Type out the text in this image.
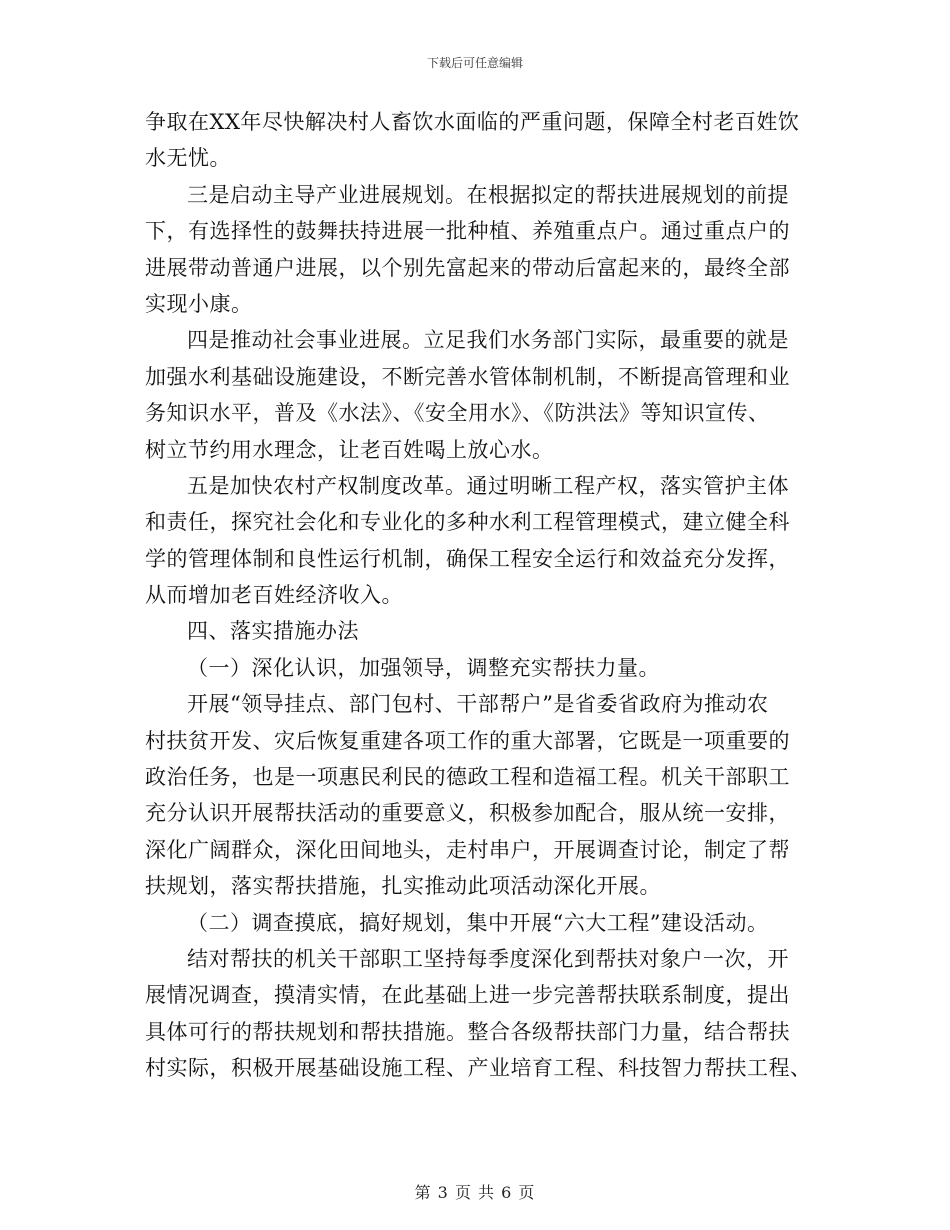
下载后可任意编辑
争取在XX年尽快解决村人畜饮水面临的严重问题，保障全村老百姓饮
水无忧。
三是启动主导产业进展规划。在根据拟定的帮扶进展规划的前提
下，有选择性的鼓舞扶持进展一批种植、养殖重点户。通过重点户的
进展带动普通户进展，以个别先富起来的带动后富起来的，最终全部
实现小康。
四是推动社会事业进展。立足我们水务部门实际，最重要的就是
加强水利基础设施建设，不断完善水管体制机制，不断提高管理和业
务知识水平，普及《水法》、《安全用水》、《防洪法》等知识宣传、
树立节约用水理念，让老百姓喝上放心水。
五是加快农村产权制度改革。通过明晰工程产权，落实管护主体
和责任，探究社会化和专业化的多种水利工程管理模式，建立健全科
学的管理体制和良性运行机制，确保工程安全运行和效益充分发挥，
从而增加老百姓经济收入。
四、落实措施办法
（一）深化认识，加强领导，调整充实帮扶力量。
开展“领导挂点、部门包村、干部帮户”是省委省政府为推动农
村扶贫开发、灾后恢复重建各项工作的重大部署，它既是一项重要的
政治任务，也是一项惠民利民的德政工程和造福工程。机关干部职工
充分认识开展帮扶活动的重要意义，积极参加配合，服从统一安排，
深化广阔群众，深化田间地头，走村串户，开展调查讨论，制定了帮
扶规划，落实帮扶措施，扎实推动此项活动深化开展。
（二）调查摸底，搞好规划，集中开展“六大工程”建设活动。
结对帮扶的机关干部职工坚持每季度深化到帮扶对象户一次，开
展情况调查，摸清实情，在此基础上进一步完善帮扶联系制度，提出
具体可行的帮扶规划和帮扶措施。整合各级帮扶部门力量，结合帮扶
村实际，积极开展基础设施工程、产业培育工程、科技智力帮扶工程、
第 3 页 共 6 页
